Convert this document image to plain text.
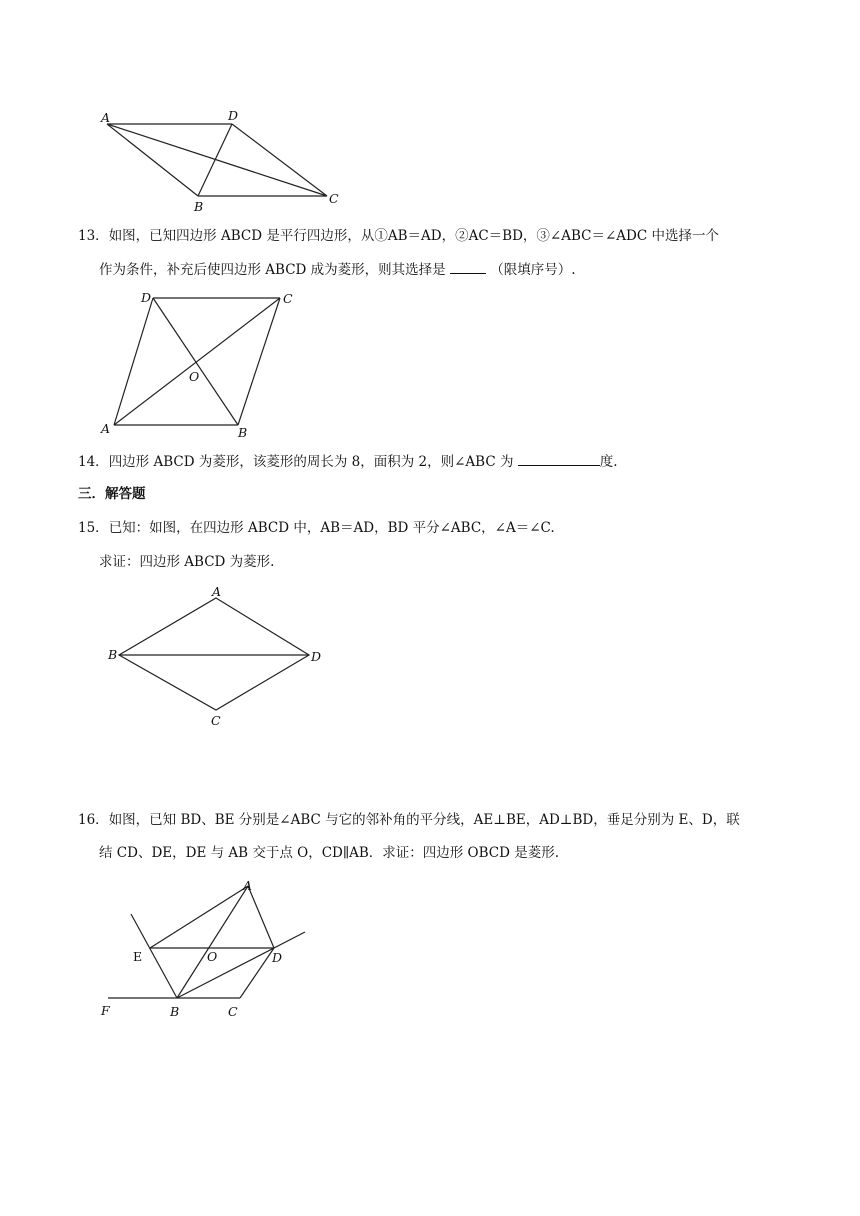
A	D
B
C
13．如图，已知四边形 ABCD 是平行四边形，从①AB＝AD，②AC＝BD，③∠ABC＝∠ADC 中选择一个
作为条件，补充后使四边形 ABCD 成为菱形，则其选择是	（限填序号）.
D	C
O
A	B
14．四边形 ABCD 为菱形，该菱形的周长为 8，面积为 2，则∠ABC 为	度.
三．解答题
15．已知：如图，在四边形 ABCD 中，AB＝AD，BD 平分∠ABC，∠A＝∠C.
求证：四边形 ABCD 为菱形.
A
B	D
C
16．如图，已知 BD、BE 分别是∠ABC 与它的邻补角的平分线，AE⊥BE，AD⊥BD，垂足分别为 E、D，联
结 CD、DE，DE 与 AB 交于点 O，CD∥AB．求证：四边形 OBCD 是菱形.
A
E	O	D
F	B	C
